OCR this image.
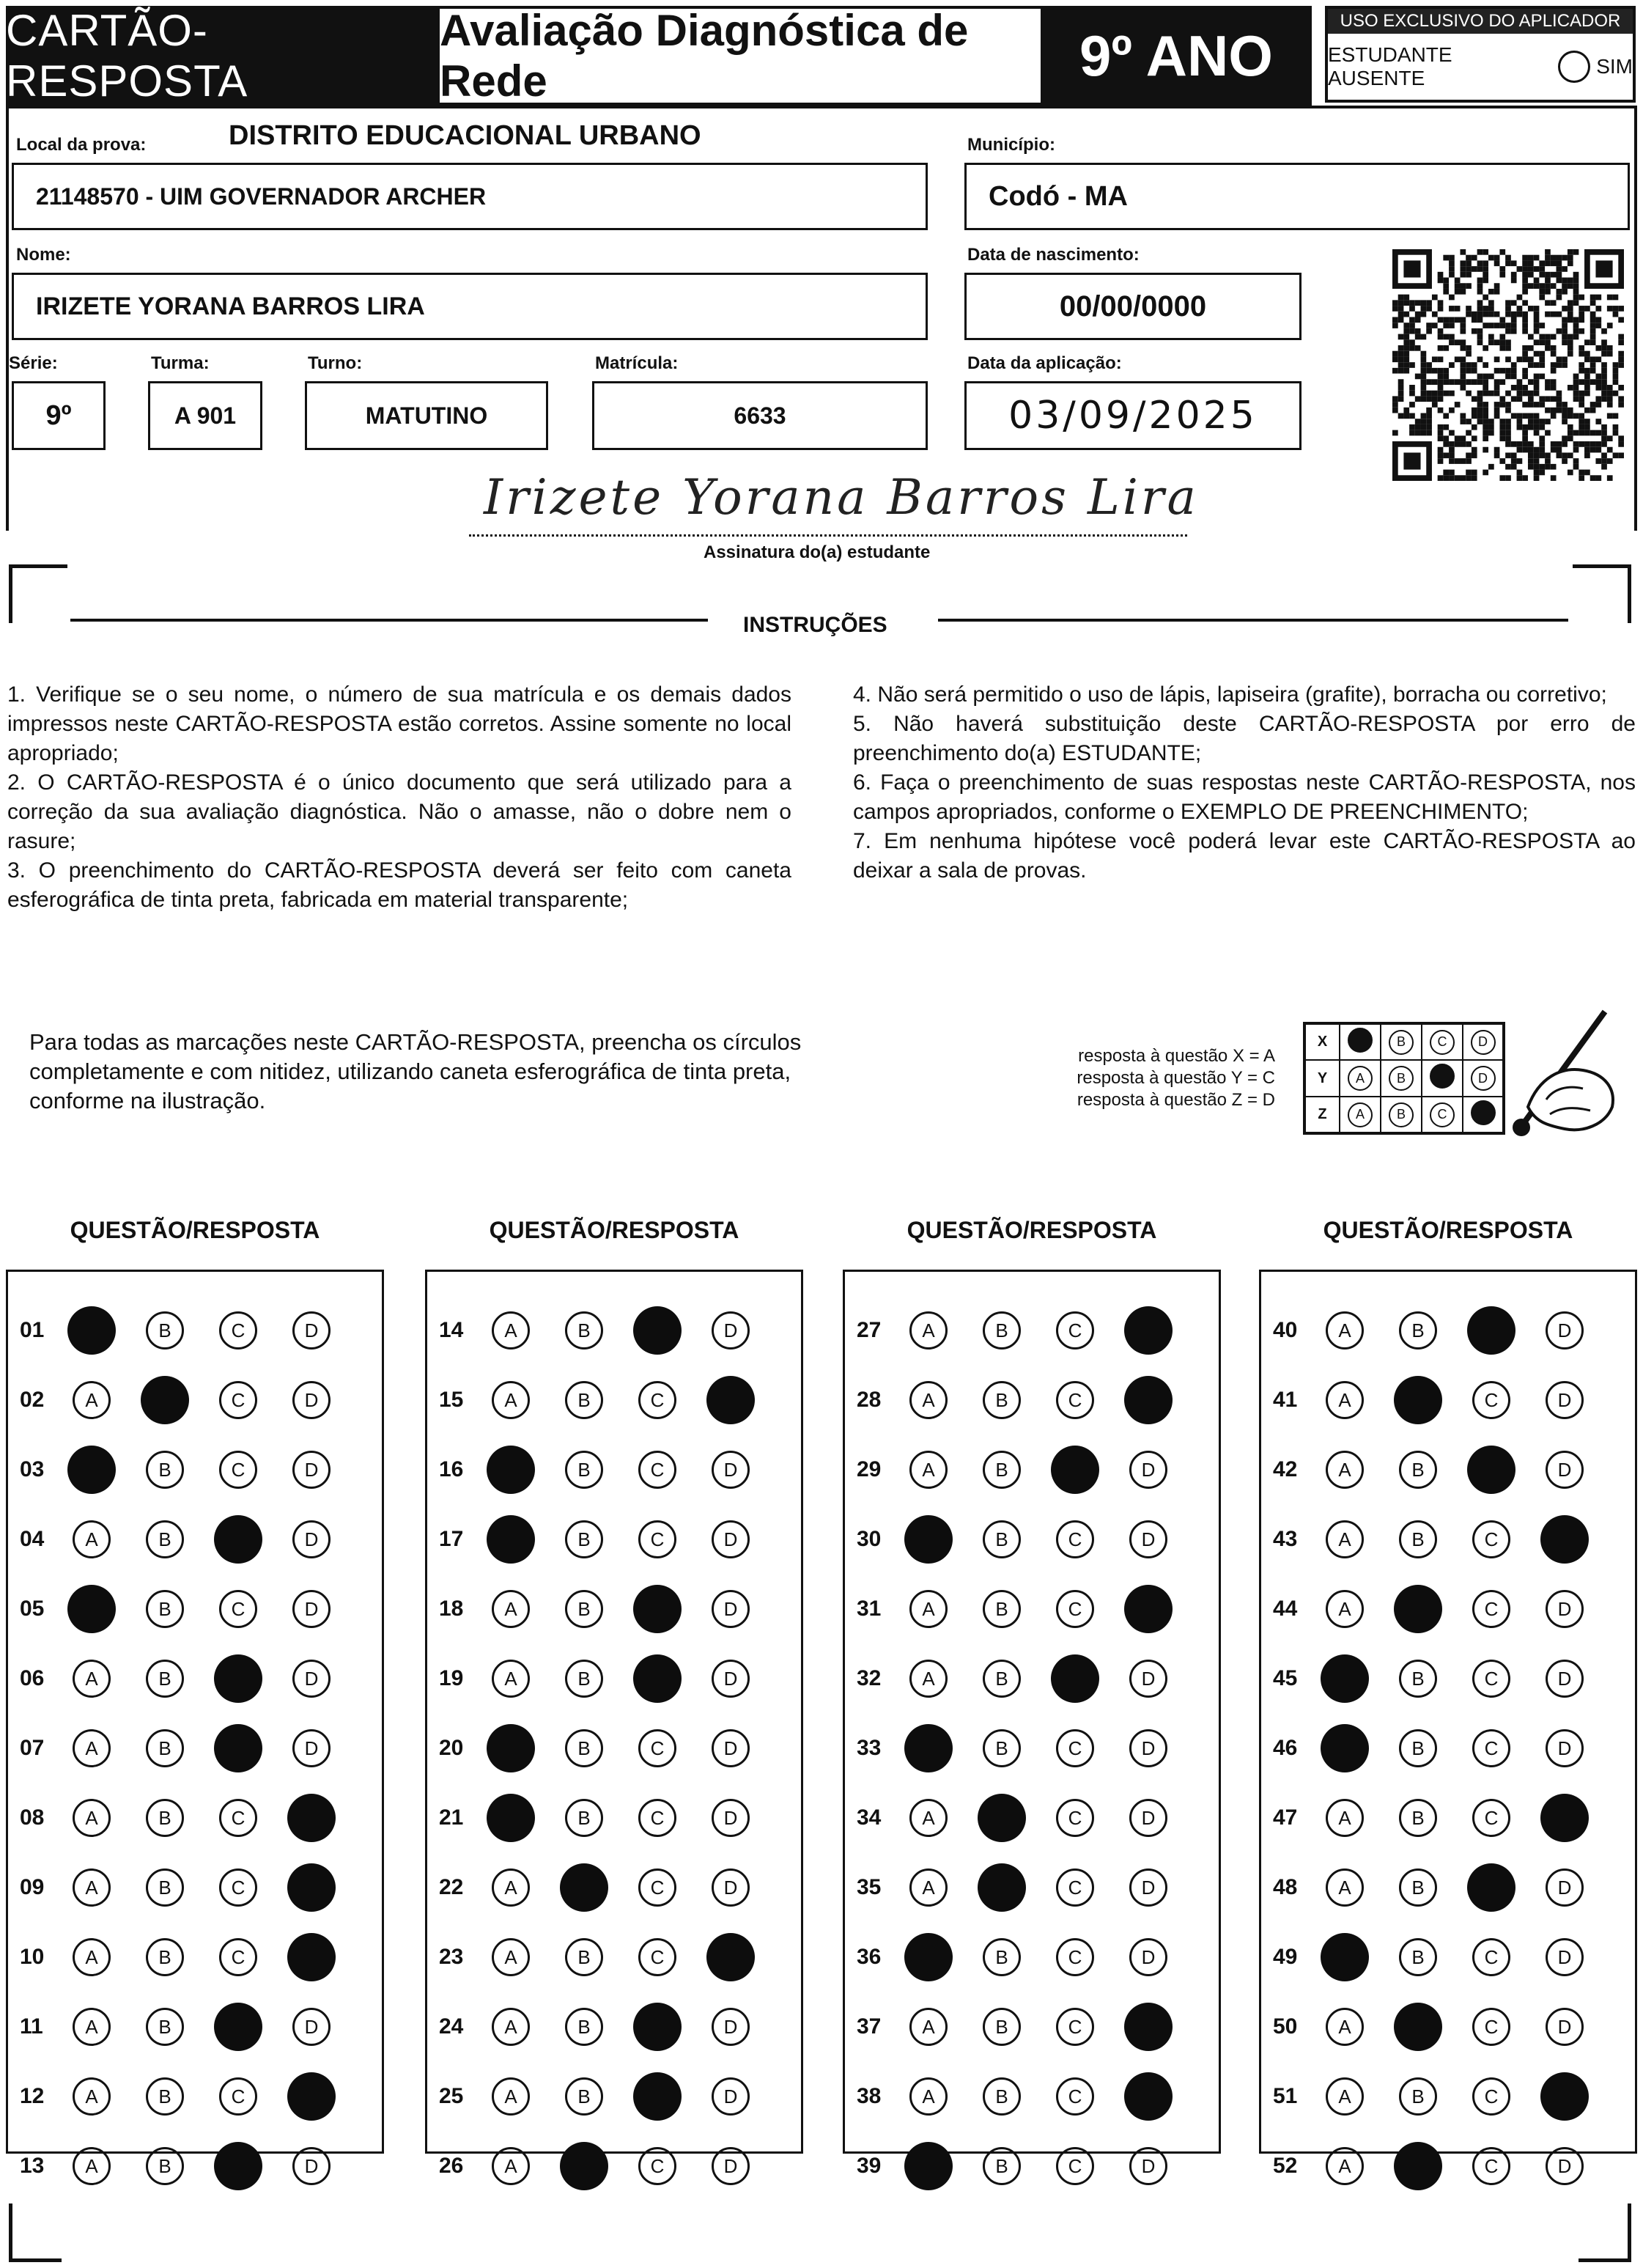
CARTÃO-RESPOSTA
Avaliação Diagnóstica de Rede	9º ANO
USO EXCLUSIVO DO APLICADOR
ESTUDANTE AUSENTE
SIM
Local da prova:	DISTRITO EDUCACIONAL URBANO
21148570 - UIM GOVERNADOR ARCHER
Município:
Codó - MA
Nome:
IRIZETE YORANA BARROS LIRA
Data de nascimento:
00/00/0000
Série:
9º
Turma:
A 901
Turno:
MATUTINO
Matrícula:
6633
Data da aplicação:
03/09/2025
Irizete Yorana Barros Lira
Assinatura do(a) estudante
INSTRUÇÕES

1. Verifique se o seu nome, o número de sua matrícula e os demais dados impressos neste CARTÃO-RESPOSTA estão corretos. Assine somente no local apropriado;

2. O CARTÃO-RESPOSTA é o único documento que será utilizado para a correção da sua avaliação diagnóstica. Não o amasse, não o dobre nem o rasure;

3. O preenchimento do CARTÃO-RESPOSTA deverá ser feito com caneta esferográfica de tinta preta, fabricada em material transparente;

4. Não será permitido o uso de lápis, lapiseira (grafite), borracha ou corretivo;

5. Não haverá substituição deste CARTÃO-RESPOSTA por erro de preenchimento do(a) ESTUDANTE;

6. Faça o preenchimento de suas respostas neste CARTÃO-RESPOSTA, nos campos apropriados, conforme o EXEMPLO DE PREENCHIMENTO;

7. Em nenhuma hipótese você poderá levar este CARTÃO-RESPOSTA ao deixar a sala de provas.

Para todas as marcações neste CARTÃO-RESPOSTA, preencha os círculos completamente e com nitidez, utilizando caneta esferográfica de tinta preta, conforme na ilustração.
resposta à questão X = A
resposta à questão Y = C
resposta à questão Z = D
X		B	C	D
Y	A	B		D
Z	A	B	C	
QUESTÃO/RESPOSTA
01	B	C	D
02	A	C	D
03	B	C	D
04	A	B	D
05	B	C	D
06	A	B	D
07	A	B	D
08	A	B	C
09	A	B	C
10	A	B	C
11	A	B	D
12	A	B	C
13	A	B	D
QUESTÃO/RESPOSTA
14	A	B	D
15	A	B	C
16	B	C	D
17	B	C	D
18	A	B	D
19	A	B	D
20	B	C	D
21	B	C	D
22	A	C	D
23	A	B	C
24	A	B	D
25	A	B	D
26	A	C	D
QUESTÃO/RESPOSTA
27	A	B	C
28	A	B	C
29	A	B	D
30	B	C	D
31	A	B	C
32	A	B	D
33	B	C	D
34	A	C	D
35	A	C	D
36	B	C	D
37	A	B	C
38	A	B	C
39	B	C	D
QUESTÃO/RESPOSTA
40	A	B	D
41	A	C	D
42	A	B	D
43	A	B	C
44	A	C	D
45	B	C	D
46	B	C	D
47	A	B	C
48	A	B	D
49	B	C	D
50	A	C	D
51	A	B	C
52	A	C	D
